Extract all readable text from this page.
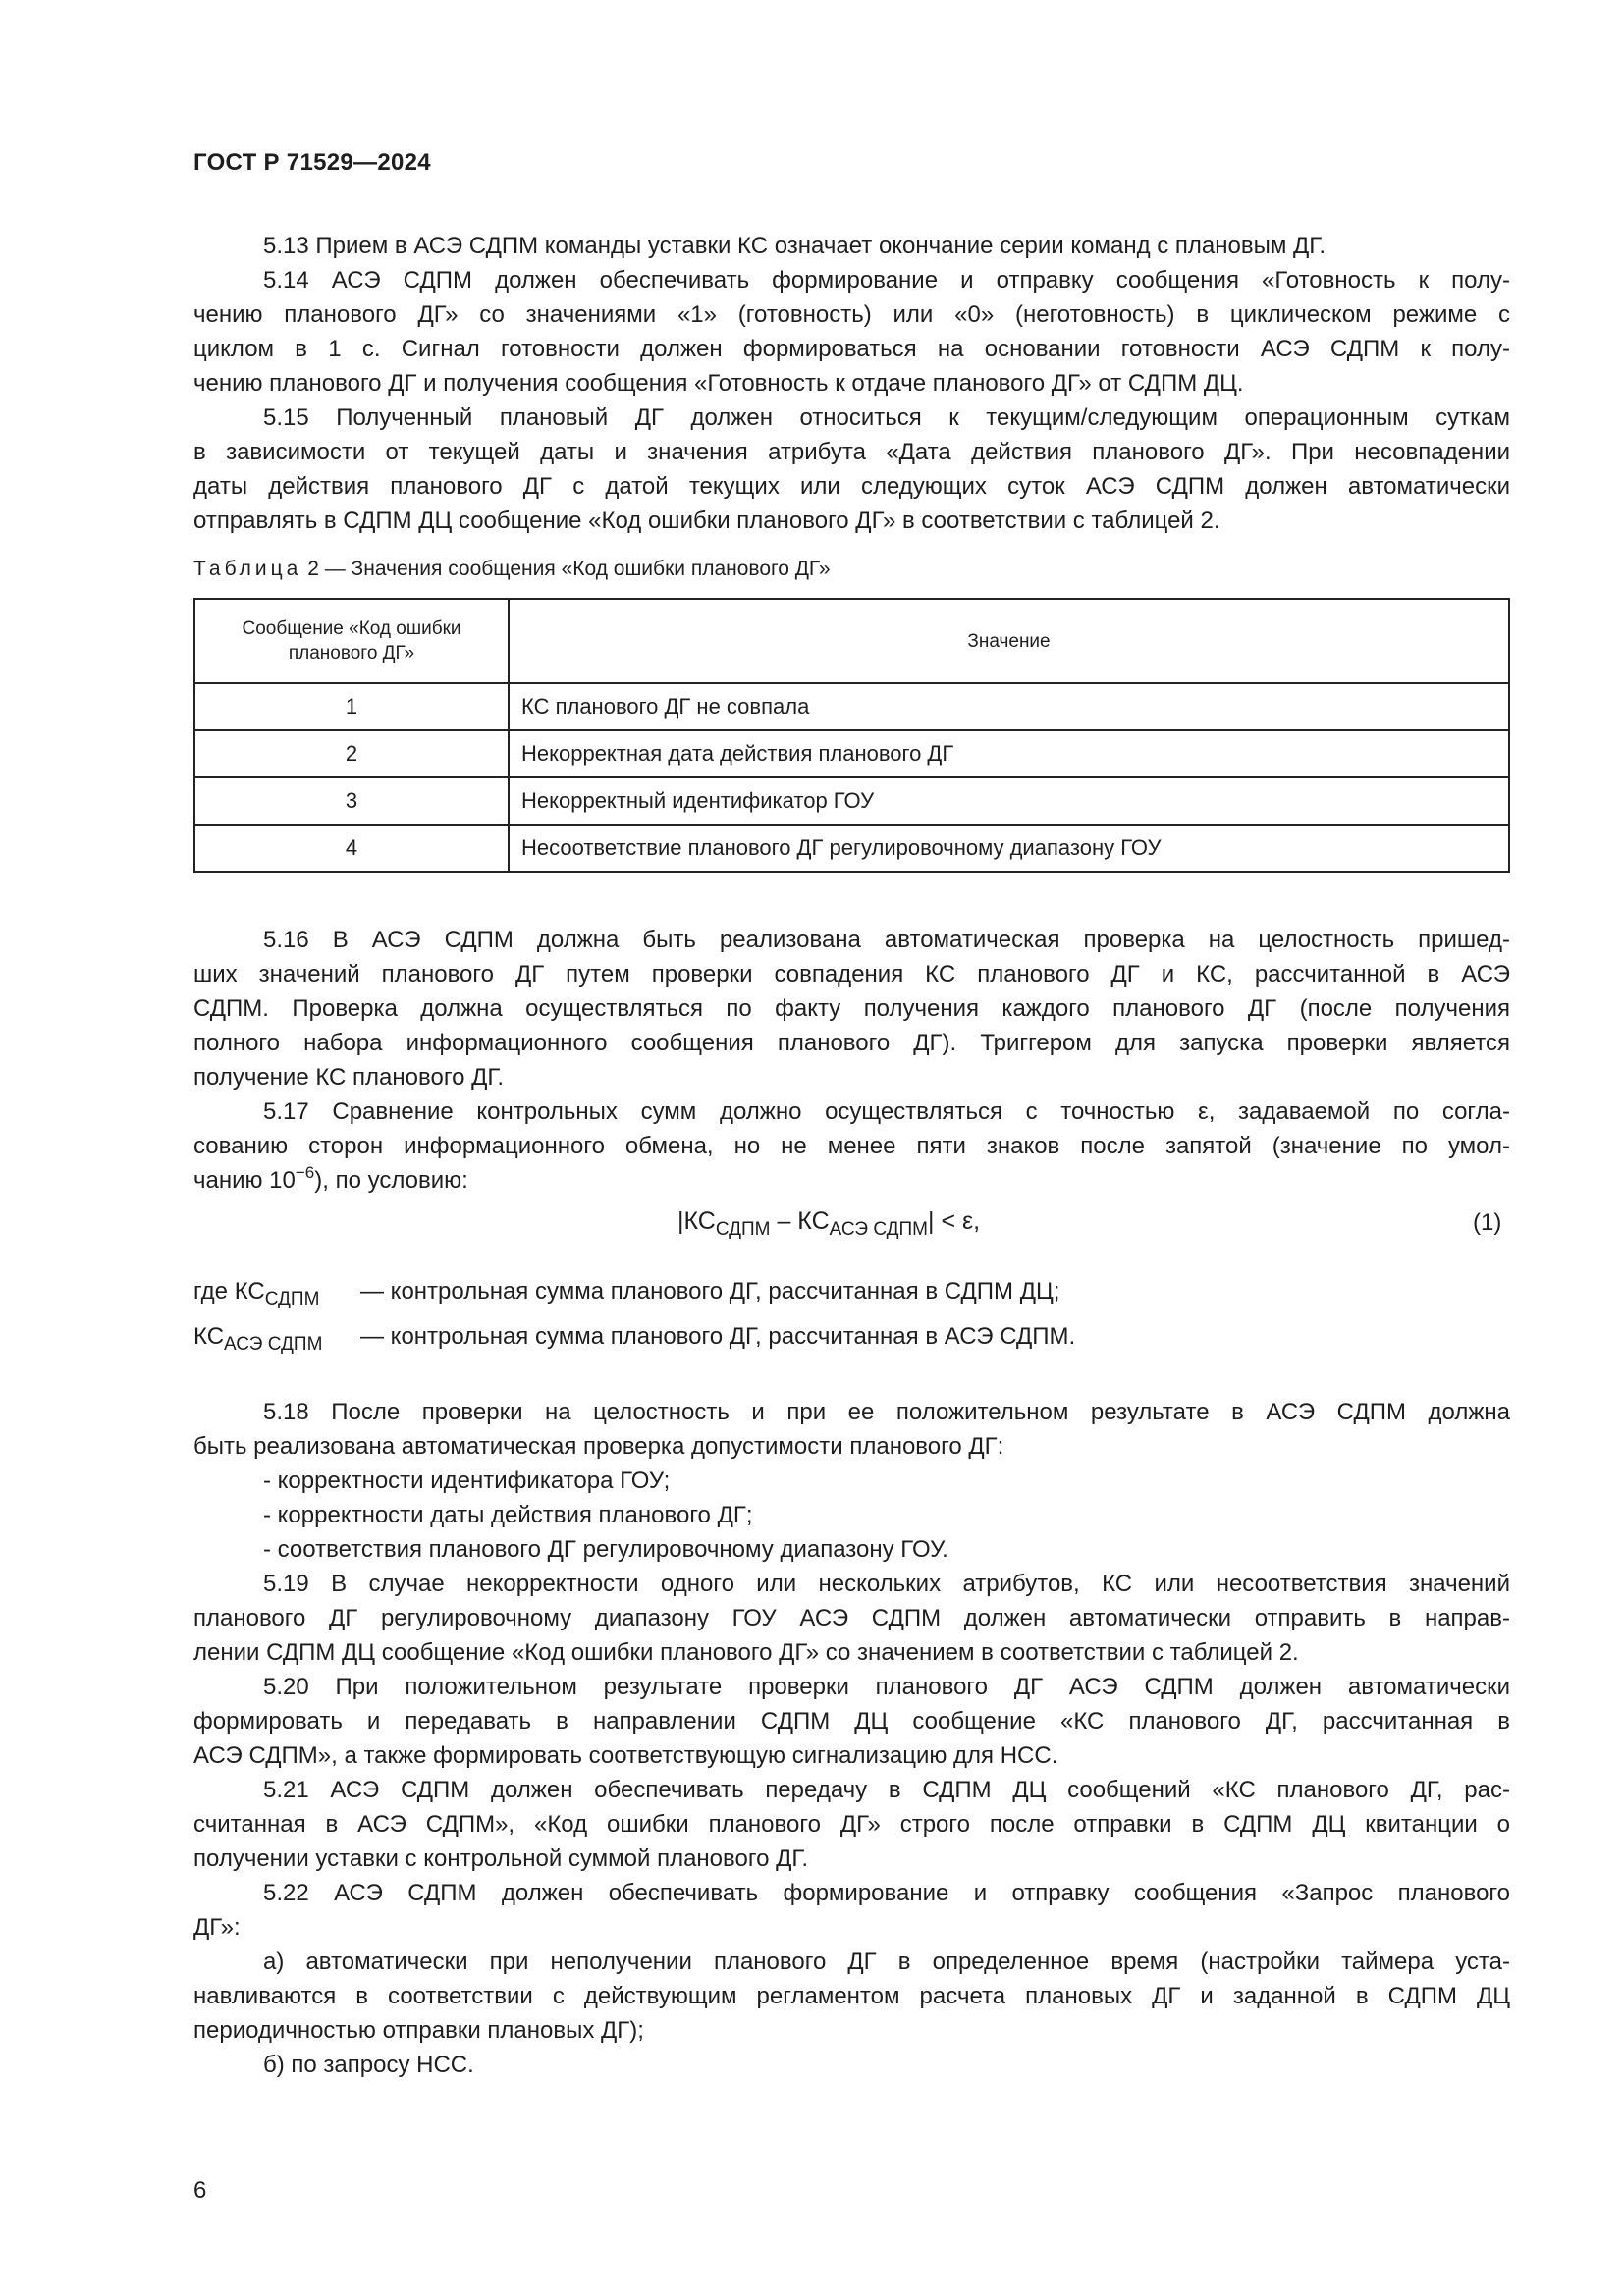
ГОСТ Р 71529—2024
5.13 Прием в АСЭ СДПМ команды уставки КС означает окончание серии команд с плановым ДГ.
5.14 АСЭ СДПМ должен обеспечивать формирование и отправку сообщения «Готовность к полу-
чению планового ДГ» со значениями «1» (готовность) или «0» (неготовность) в циклическом режиме с
циклом в 1 с. Сигнал готовности должен формироваться на основании готовности АСЭ СДПМ к полу-
чению планового ДГ и получения сообщения «Готовность к отдаче планового ДГ» от СДПМ ДЦ.
5.15 Полученный плановый ДГ должен относиться к текущим/следующим операционным суткам
в зависимости от текущей даты и значения атрибута «Дата действия планового ДГ». При несовпадении
даты действия планового ДГ с датой текущих или следующих суток АСЭ СДПМ должен автоматически
отправлять в СДПМ ДЦ сообщение «Код ошибки планового ДГ» в соответствии с таблицей 2.
Таблица 2 — Значения сообщения «Код ошибки планового ДГ»
Сообщение «Код ошибки
планового ДГ»	Значение
1	КС планового ДГ не совпала
2	Некорректная дата действия планового ДГ
3	Некорректный идентификатор ГОУ
4	Несоответствие планового ДГ регулировочному диапазону ГОУ
5.16 В АСЭ СДПМ должна быть реализована автоматическая проверка на целостность пришед-
ших значений планового ДГ путем проверки совпадения КС планового ДГ и КС, рассчитанной в АСЭ
СДПМ. Проверка должна осуществляться по факту получения каждого планового ДГ (после получения
полного набора информационного сообщения планового ДГ). Триггером для запуска проверки является
получение КС планового ДГ.
5.17 Сравнение контрольных сумм должно осуществляться с точностью ε, задаваемой по согла-
сованию сторон информационного обмена, но не менее пяти знаков после запятой (значение по умол-
чанию $10^{-6}$), по условию:
$|КС_{СДПМ} - КС_{АСЭ СДПМ}| < \varepsilon$,	(1)
где $КС_{СДПМ}$ — контрольная сумма планового ДГ, рассчитанная в СДПМ ДЦ;
$КС_{АСЭ СДПМ}$ — контрольная сумма планового ДГ, рассчитанная в АСЭ СДПМ.
5.18 После проверки на целостность и при ее положительном результате в АСЭ СДПМ должна
быть реализована автоматическая проверка допустимости планового ДГ:
- корректности идентификатора ГОУ;
- корректности даты действия планового ДГ;
- соответствия планового ДГ регулировочному диапазону ГОУ.
5.19 В случае некорректности одного или нескольких атрибутов, КС или несоответствия значений
планового ДГ регулировочному диапазону ГОУ АСЭ СДПМ должен автоматически отправить в направ-
лении СДПМ ДЦ сообщение «Код ошибки планового ДГ» со значением в соответствии с таблицей 2.
5.20 При положительном результате проверки планового ДГ АСЭ СДПМ должен автоматически
формировать и передавать в направлении СДПМ ДЦ сообщение «КС планового ДГ, рассчитанная в
АСЭ СДПМ», а также формировать соответствующую сигнализацию для НСС.
5.21 АСЭ СДПМ должен обеспечивать передачу в СДПМ ДЦ сообщений «КС планового ДГ, рас-
считанная в АСЭ СДПМ», «Код ошибки планового ДГ» строго после отправки в СДПМ ДЦ квитанции о
получении уставки с контрольной суммой планового ДГ.
5.22 АСЭ СДПМ должен обеспечивать формирование и отправку сообщения «Запрос планового
ДГ»:
а) автоматически при неполучении планового ДГ в определенное время (настройки таймера уста-
навливаются в соответствии с действующим регламентом расчета плановых ДГ и заданной в СДПМ ДЦ
периодичностью отправки плановых ДГ);
б) по запросу НСС.
6
